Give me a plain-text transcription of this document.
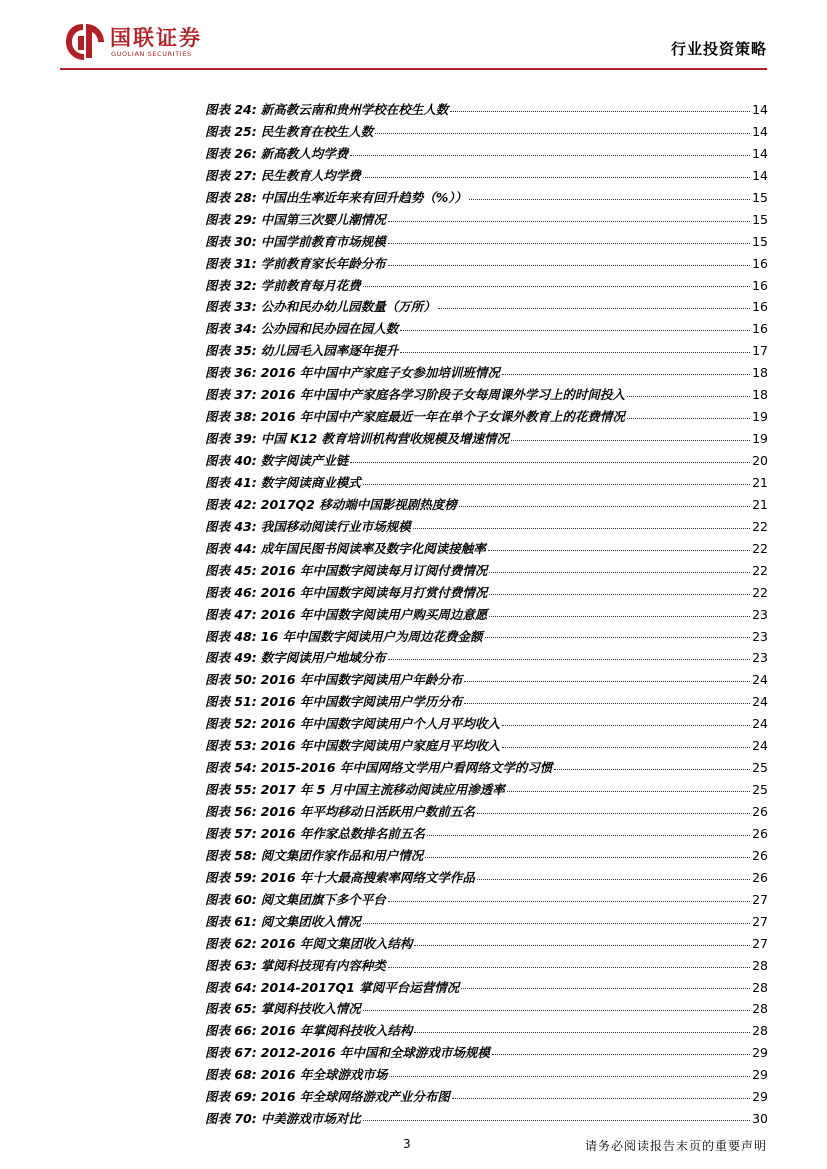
国联证券
GUOLIAN SECURITIES	行业投资策略
图表 24: 新高教云南和贵州学校在校生人数	14
图表 25: 民生教育在校生人数	14
图表 26: 新高教人均学费	14
图表 27: 民生教育人均学费	14
图表 28: 中国出生率近年来有回升趋势（%））	15
图表 29: 中国第三次婴儿潮情况	15
图表 30: 中国学前教育市场规模	15
图表 31: 学前教育家长年龄分布	16
图表 32: 学前教育每月花费	16
图表 33: 公办和民办幼儿园数量（万所）	16
图表 34: 公办园和民办园在园人数	16
图表 35: 幼儿园毛入园率逐年提升	17
图表 36: 2016 年中国中产家庭子女参加培训班情况	18
图表 37: 2016 年中国中产家庭各学习阶段子女每周课外学习上的时间投入	18
图表 38: 2016 年中国中产家庭最近一年在单个子女课外教育上的花费情况	19
图表 39: 中国 K12 教育培训机构营收规模及增速情况	19
图表 40: 数字阅读产业链	20
图表 41: 数字阅读商业模式	21
图表 42: 2017Q2 移动端中国影视剧热度榜	21
图表 43: 我国移动阅读行业市场规模	22
图表 44: 成年国民图书阅读率及数字化阅读接触率	22
图表 45: 2016 年中国数字阅读每月订阅付费情况	22
图表 46: 2016 年中国数字阅读每月打赏付费情况	22
图表 47: 2016 年中国数字阅读用户购买周边意愿	23
图表 48: 16 年中国数字阅读用户为周边花费金额	23
图表 49: 数字阅读用户地域分布	23
图表 50: 2016 年中国数字阅读用户年龄分布	24
图表 51: 2016 年中国数字阅读用户学历分布	24
图表 52: 2016 年中国数字阅读用户个人月平均收入	24
图表 53: 2016 年中国数字阅读用户家庭月平均收入	24
图表 54: 2015-2016 年中国网络文学用户看网络文学的习惯	25
图表 55: 2017 年 5 月中国主流移动阅读应用渗透率	25
图表 56: 2016 年平均移动日活跃用户数前五名	26
图表 57: 2016 年作家总数排名前五名	26
图表 58: 阅文集团作家作品和用户情况	26
图表 59: 2016 年十大最高搜索率网络文学作品	26
图表 60: 阅文集团旗下多个平台	27
图表 61: 阅文集团收入情况	27
图表 62: 2016 年阅文集团收入结构	27
图表 63: 掌阅科技现有内容种类	28
图表 64: 2014-2017Q1 掌阅平台运营情况	28
图表 65: 掌阅科技收入情况	28
图表 66: 2016 年掌阅科技收入结构	28
图表 67: 2012-2016 年中国和全球游戏市场规模	29
图表 68: 2016 年全球游戏市场	29
图表 69: 2016 年全球网络游戏产业分布图	29
图表 70: 中美游戏市场对比	30
3	请务必阅读报告末页的重要声明
